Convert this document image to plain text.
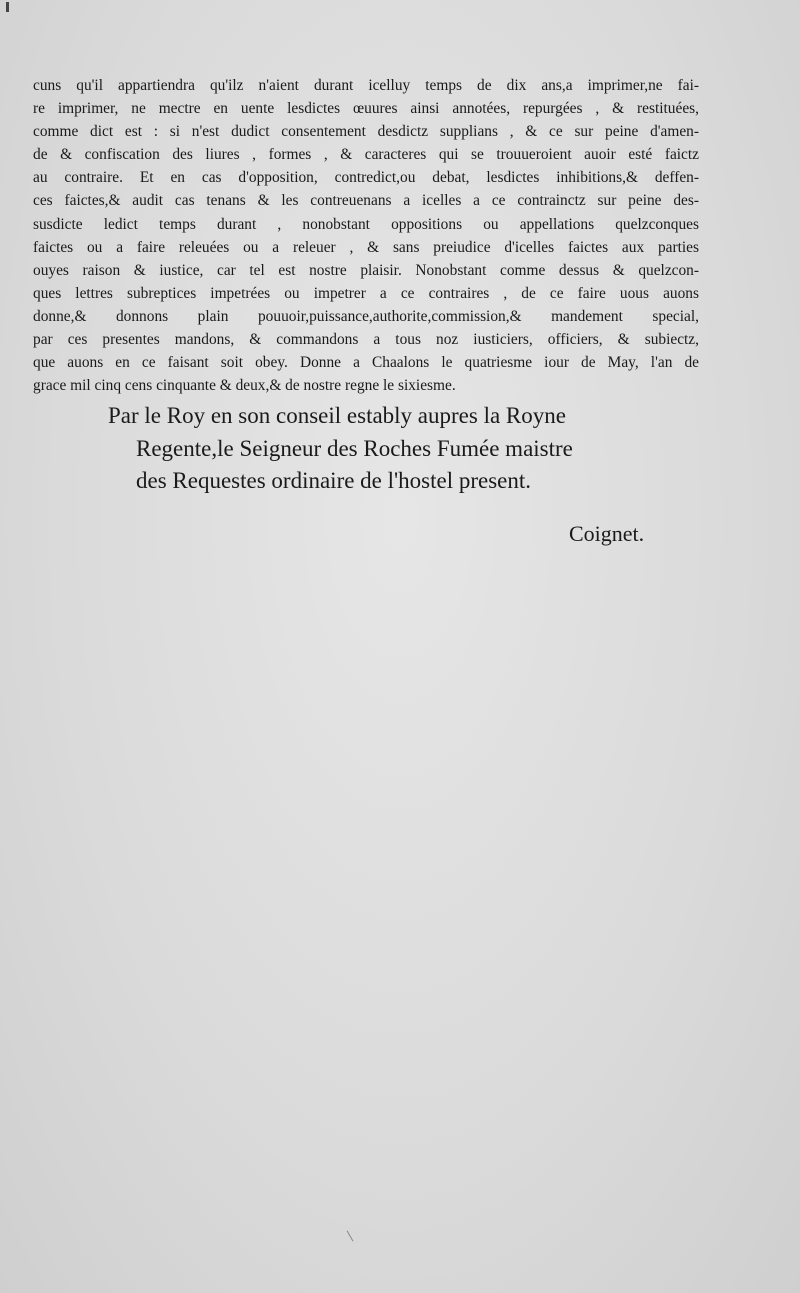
cuns qu'il appartiendra qu'ilz n'aient durant icelluy temps de dix ans,a imprimer,ne fai-
re imprimer, ne mectre en uente lesdictes œuures ainsi annotées, repurgées , & restituées,
comme dict est : si n'est dudict consentement desdictz supplians , & ce sur peine d'amen-
de & confiscation des liures , formes , & caracteres qui se trouueroient auoir esté faictz
au contraire. Et en cas d'opposition, contredict,ou debat, lesdictes inhibitions,& deffen-
ces faictes,& audit cas tenans & les contreuenans a icelles a ce contrainctz sur peine des-
susdicte ledict temps durant , nonobstant oppositions ou appellations quelzconques
faictes ou a faire releuées ou a releuer , & sans preiudice d'icelles faictes aux parties
ouyes raison & iustice, car tel est nostre plaisir. Nonobstant comme dessus & quelzcon-
ques lettres subreptices impetrées ou impetrer a ce contraires , de ce faire uous auons
donne,& donnons plain pouuoir,puissance,authorite,commission,& mandement special,
par ces presentes mandons, & commandons a tous noz iusticiers, officiers, & subiectz,
que auons en ce faisant soit obey. Donne a Chaalons le quatriesme iour de May, l'an de
grace mil cinq cens cinquante & deux,& de nostre regne le sixiesme.
Par le Roy en son conseil estably aupres la Royne
Regente,le Seigneur des Roches Fumée maistre
des Requestes ordinaire de l'hostel present.
Coignet.
